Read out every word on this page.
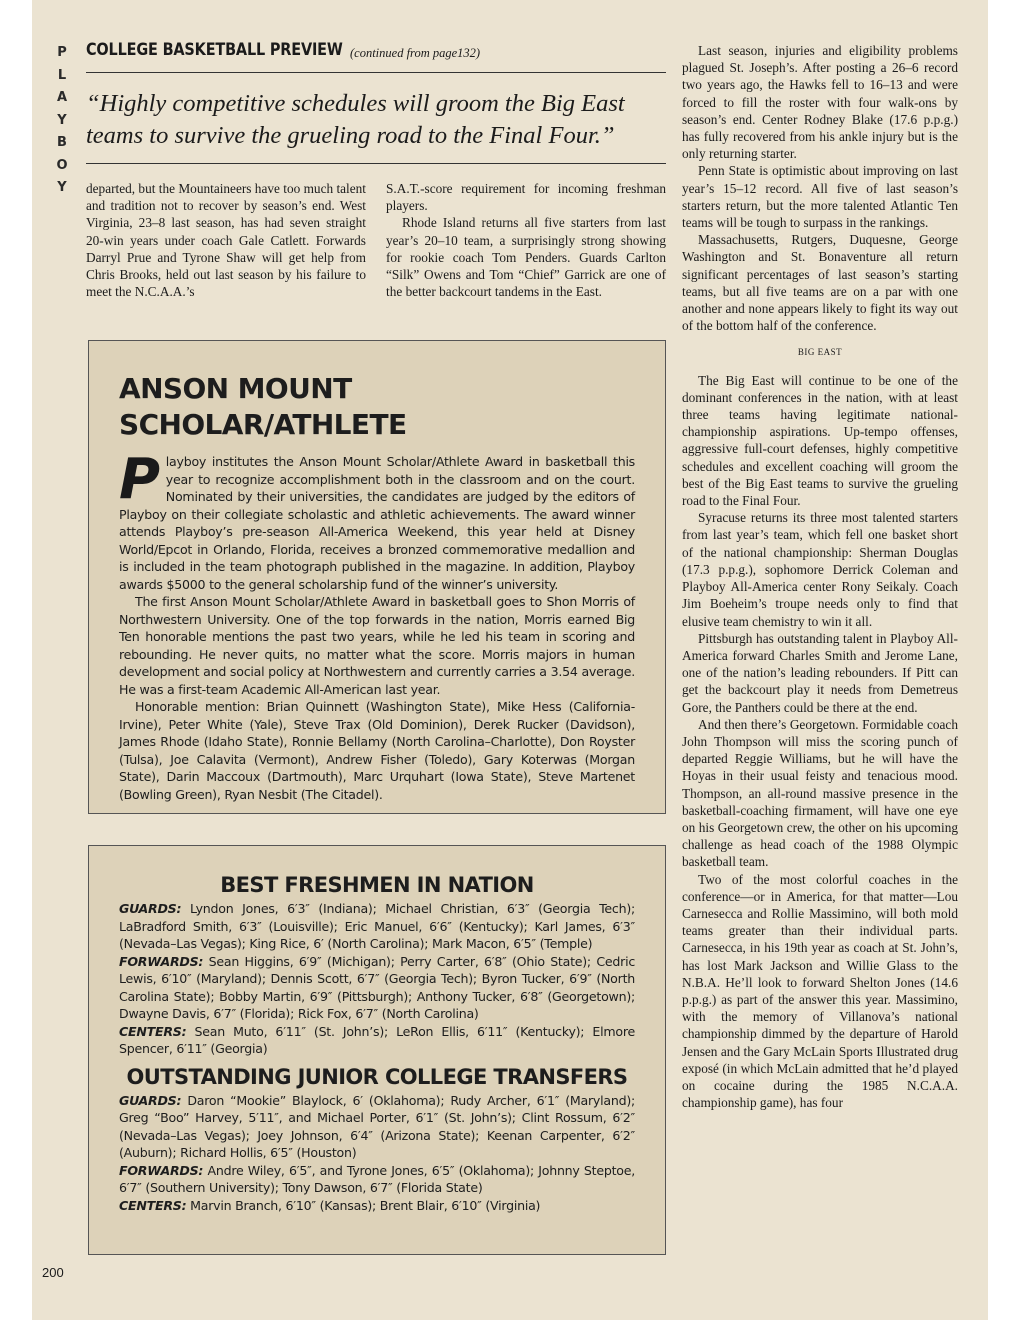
P
L
A
Y
B
O
Y
COLLEGE BASKETBALL PREVIEW (continued from page132)
“Highly competitive schedules will groom the Big East teams to survive the grueling road to the Final Four.”

departed, but the Mountaineers have too much talent and tradition not to recover by season’s end. West Virginia, 23–8 last season, has had seven straight 20-win years under coach Gale Catlett. Forwards Darryl Prue and Tyrone Shaw will get help from Chris Brooks, held out last season by his failure to meet the N.C.A.A.’s

S.A.T.-score requirement for incoming freshman players.

Rhode Island returns all five starters from last year’s 20–10 team, a surprisingly strong showing for rookie coach Tom Penders. Guards Carlton “Silk” Owens and Tom “Chief” Garrick are one of the better backcourt tandems in the East.

Last season, injuries and eligibility problems plagued St. Joseph’s. After posting a 26–6 record two years ago, the Hawks fell to 16–13 and were forced to fill the roster with four walk-ons by season’s end. Center Rodney Blake (17.6 p.p.g.) has fully recovered from his ankle injury but is the only returning starter.

Penn State is optimistic about improving on last year’s 15–12 record. All five of last season’s starters return, but the more talented Atlantic Ten teams will be tough to surpass in the rankings.

Massachusetts, Rutgers, Duquesne, George Washington and St. Bonaventure all return significant percentages of last season’s starting teams, but all five teams are on a par with one another and none appears likely to fight its way out of the bottom half of the conference.

BIG EAST

The Big East will continue to be one of the dominant conferences in the nation, with at least three teams having legitimate national-championship aspirations. Up-tempo offenses, aggressive full-court defenses, highly competitive schedules and excellent coaching will groom the best of the Big East teams to survive the grueling road to the Final Four.

Syracuse returns its three most talented starters from last year’s team, which fell one basket short of the national championship: Sherman Douglas (17.3 p.p.g.), sophomore Derrick Coleman and Playboy All-America center Rony Seikaly. Coach Jim Boeheim’s troupe needs only to find that elusive team chemistry to win it all.

Pittsburgh has outstanding talent in Playboy All-America forward Charles Smith and Jerome Lane, one of the nation’s leading rebounders. If Pitt can get the backcourt play it needs from Demetreus Gore, the Panthers could be there at the end.

And then there’s Georgetown. Formidable coach John Thompson will miss the scoring punch of departed Reggie Williams, but he will have the Hoyas in their usual feisty and tenacious mood. Thompson, an all-round massive presence in the basketball-coaching firmament, will have one eye on his Georgetown crew, the other on his upcoming challenge as head coach of the 1988 Olympic basketball team.

Two of the most colorful coaches in the conference—or in America, for that matter—Lou Carnesecca and Rollie Massimino, will both mold teams greater than their individual parts. Carnesecca, in his 19th year as coach at St. John’s, has lost Mark Jackson and Willie Glass to the N.B.A. He’ll look to forward Shelton Jones (14.6 p.p.g.) as part of the answer this year. Massimino, with the memory of Villanova’s national championship dimmed by the departure of Harold Jensen and the Gary McLain Sports Illustrated drug exposé (in which McLain admitted that he’d played on cocaine during the 1985 N.C.A.A. championship game), has four

ANSON MOUNT SCHOLAR/ATHLETE

Playboy institutes the Anson Mount Scholar/Athlete Award in basketball this year to recognize accomplishment both in the classroom and on the court. Nominated by their universities, the candidates are judged by the editors of Playboy on their collegiate scholastic and athletic achievements. The award winner attends Playboy’s pre-season All-America Weekend, this year held at Disney World/Epcot in Orlando, Florida, receives a bronzed commemorative medallion and is included in the team photograph published in the magazine. In addition, Playboy awards $5000 to the general scholarship fund of the winner’s university.

The first Anson Mount Scholar/Athlete Award in basketball goes to Shon Morris of Northwestern University. One of the top forwards in the nation, Morris earned Big Ten honorable mentions the past two years, while he led his team in scoring and rebounding. He never quits, no matter what the score. Morris majors in human development and social policy at Northwestern and currently carries a 3.54 average. He was a first-team Academic All-American last year.

Honorable mention: Brian Quinnett (Washington State), Mike Hess (California-Irvine), Peter White (Yale), Steve Trax (Old Dominion), Derek Rucker (Davidson), James Rhode (Idaho State), Ronnie Bellamy (North Carolina–Charlotte), Don Royster (Tulsa), Joe Calavita (Vermont), Andrew Fisher (Toledo), Gary Koterwas (Morgan State), Darin Maccoux (Dartmouth), Marc Urquhart (Iowa State), Steve Martenet (Bowling Green), Ryan Nesbit (The Citadel).

BEST FRESHMEN IN NATION

GUARDS: Lyndon Jones, 6′3″ (Indiana); Michael Christian, 6′3″ (Georgia Tech); LaBradford Smith, 6′3″ (Louisville); Eric Manuel, 6′6″ (Kentucky); Karl James, 6′3″ (Nevada–Las Vegas); King Rice, 6′ (North Carolina); Mark Macon, 6′5″ (Temple)

FORWARDS: Sean Higgins, 6′9″ (Michigan); Perry Carter, 6′8″ (Ohio State); Cedric Lewis, 6′10″ (Maryland); Dennis Scott, 6′7″ (Georgia Tech); Byron Tucker, 6′9″ (North Carolina State); Bobby Martin, 6′9″ (Pittsburgh); Anthony Tucker, 6′8″ (Georgetown); Dwayne Davis, 6′7″ (Florida); Rick Fox, 6′7″ (North Carolina)

CENTERS: Sean Muto, 6′11″ (St. John’s); LeRon Ellis, 6′11″ (Kentucky); Elmore Spencer, 6′11″ (Georgia)

OUTSTANDING JUNIOR COLLEGE TRANSFERS

GUARDS: Daron “Mookie” Blaylock, 6′ (Oklahoma); Rudy Archer, 6′1″ (Maryland); Greg “Boo” Harvey, 5′11″, and Michael Porter, 6′1″ (St. John’s); Clint Rossum, 6′2″ (Nevada–Las Vegas); Joey Johnson, 6′4″ (Arizona State); Keenan Carpenter, 6′2″ (Auburn); Richard Hollis, 6′5″ (Houston)

FORWARDS: Andre Wiley, 6′5″, and Tyrone Jones, 6′5″ (Oklahoma); Johnny Steptoe, 6′7″ (Southern University); Tony Dawson, 6′7″ (Florida State)

CENTERS: Marvin Branch, 6′10″ (Kansas); Brent Blair, 6′10″ (Virginia)

200
